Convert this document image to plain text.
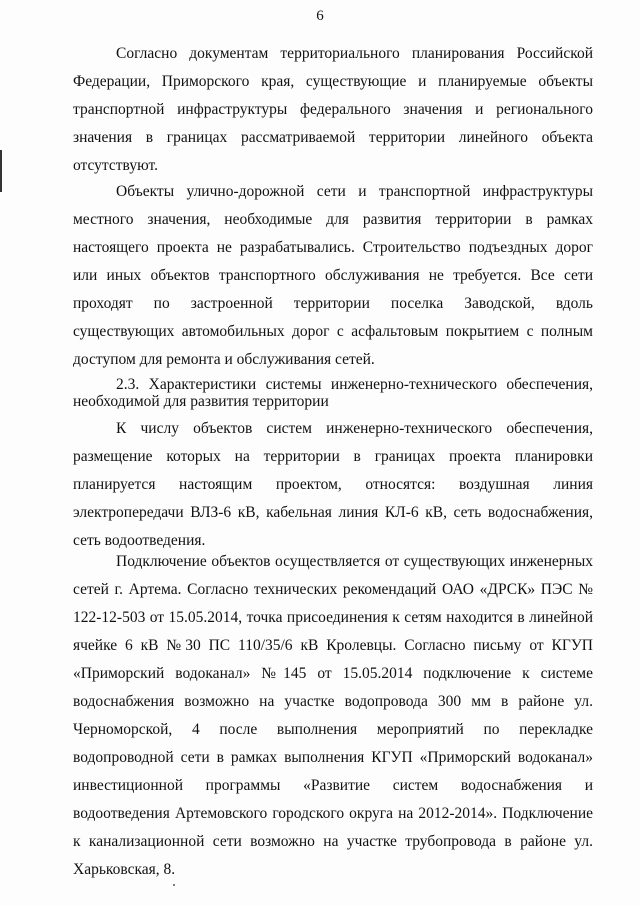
6

Согласно документам территориального планирования Российской Федерации, Приморского края, существующие и планируемые объекты транспортной инфраструктуры федерального значения и регионального значения в границах рассматриваемой территории линейного объекта отсутствуют.

Объекты улично-дорожной сети и транспортной инфраструктуры местного значения, необходимые для развития территории в рамках настоящего проекта не разрабатывались. Строительство подъездных дорог или иных объектов транспортного обслуживания не требуется. Все сети проходят по застроенной территории поселка Заводской, вдоль существующих автомобильных дорог с асфальтовым покрытием с полным доступом для ремонта и обслуживания сетей.

2.3. Характеристики системы инженерно-технического обеспечения, необходимой для развития территории

К числу объектов систем инженерно-технического обеспечения, размещение которых на территории в границах проекта планировки планируется настоящим проектом, относятся: воздушная линия электропередачи ВЛЗ-6 кВ, кабельная линия КЛ-6 кВ, сеть водоснабжения, сеть водоотведения.

Подключение объектов осуществляется от существующих инженерных сетей г. Артема. Согласно технических рекомендаций ОАО «ДРСК» ПЭС № 122-12-503 от 15.05.2014, точка присоединения к сетям находится в линейной ячейке 6 кВ №30 ПС 110/35/6 кВ Кролевцы. Согласно письму от КГУП «Приморский водоканал» №145 от 15.05.2014 подключение к системе водоснабжения возможно на участке водопровода 300 мм в районе ул. Черноморской, 4 после выполнения мероприятий по перекладке водопроводной сети в рамках выполнения КГУП «Приморский водоканал» инвестиционной программы «Развитие систем водоснабжения и водоотведения Артемовского городского округа на 2012-2014». Подключение к канализационной сети возможно на участке трубопровода в районе ул. Харьковская, 8.
